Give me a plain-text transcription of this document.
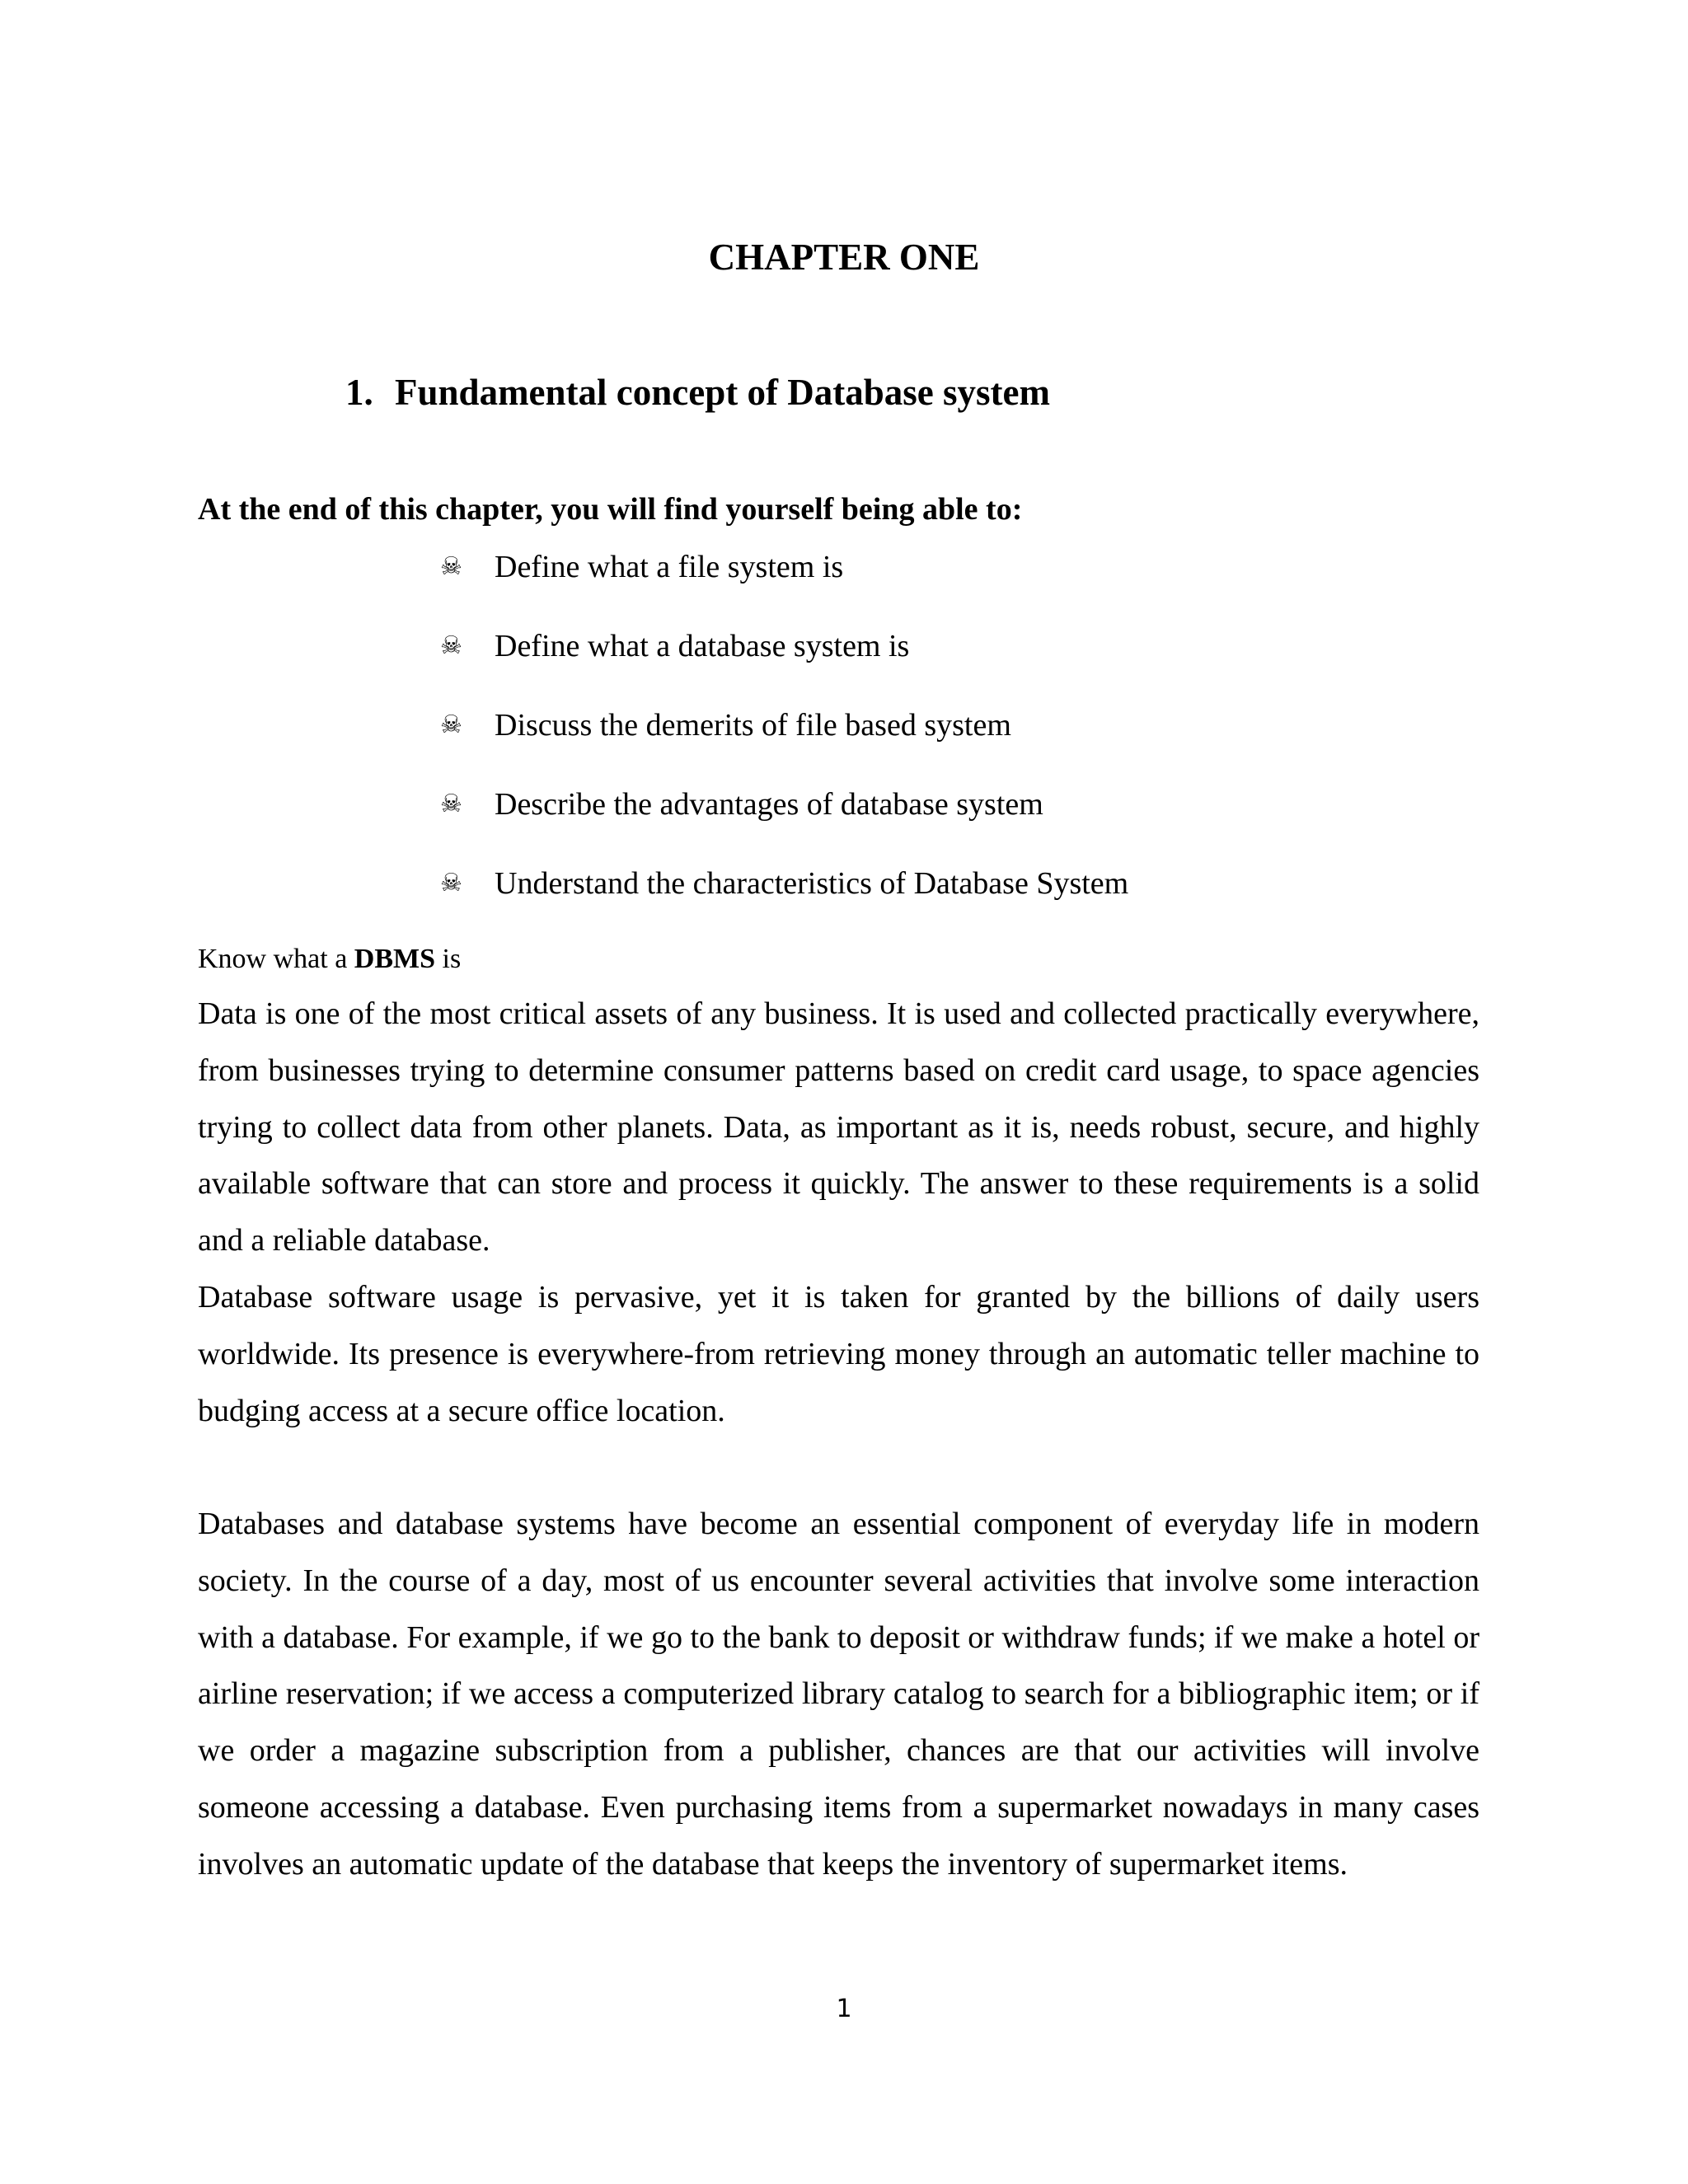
CHAPTER ONE
1. Fundamental concept of Database system
At the end of this chapter, you will find yourself being able to:
☠	Define what a file system is
☠	Define what a database system is
☠	Discuss the demerits of file based system
☠	Describe the advantages of database system
☠	Understand the characteristics of Database System
Know what a DBMS is

Data is one of the most critical assets of any business. It is used and collected practically everywhere, from businesses trying to determine consumer patterns based on credit card usage, to space agencies trying to collect data from other planets. Data, as important as it is, needs robust, secure, and highly available software that can store and process it quickly. The answer to these requirements is a solid and a reliable database.

Database software usage is pervasive, yet it is taken for granted by the billions of daily users worldwide. Its presence is everywhere-from retrieving money through an automatic teller machine to budging access at a secure office location.

Databases and database systems have become an essential component of everyday life in modern society. In the course of a day, most of us encounter several activities that involve some interaction with a database. For example, if we go to the bank to deposit or withdraw funds; if we make a hotel or airline reservation; if we access a computerized library catalog to search for a bibliographic item; or if we order a magazine subscription from a publisher, chances are that our activities will involve someone accessing a database. Even purchasing items from a supermarket nowadays in many cases involves an automatic update of the database that keeps the inventory of supermarket items.

1
